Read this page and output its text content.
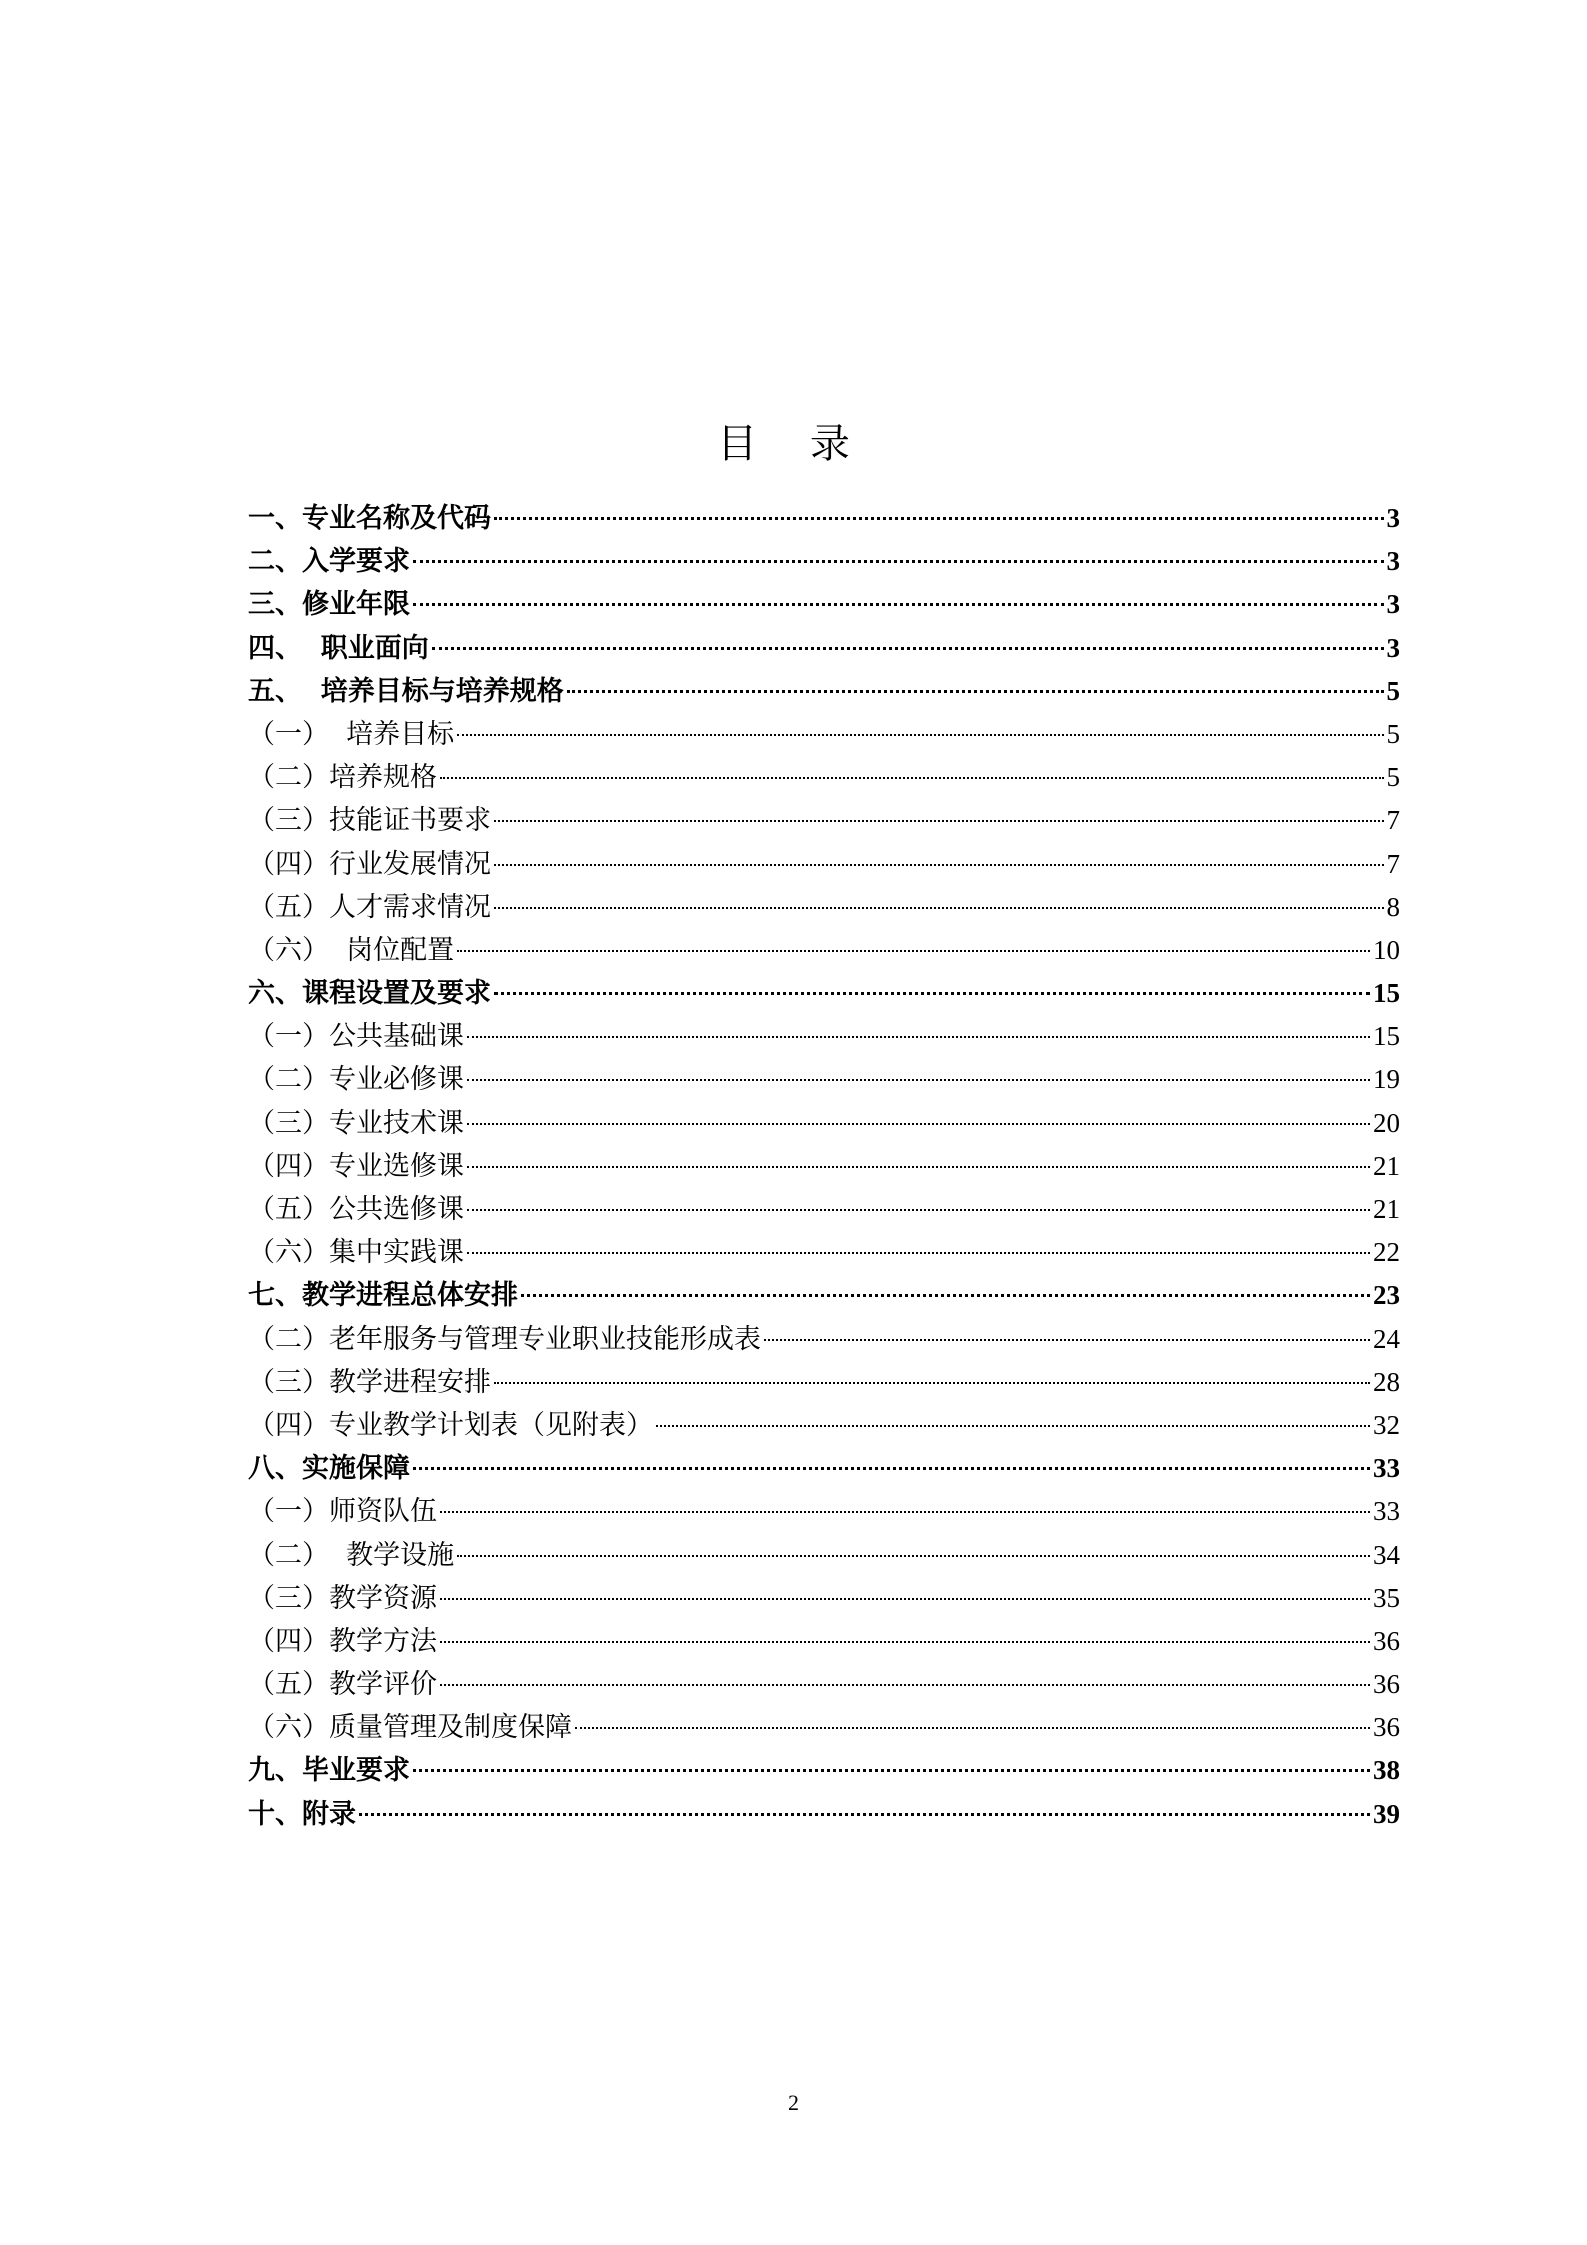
目 录
一、专业名称及代码	3
二、入学要求	3
三、修业年限	3
四、  职业面向	3
五、  培养目标与培养规格	5
（一）  培养目标	5
（二）培养规格	5
（三）技能证书要求	7
（四）行业发展情况	7
（五）人才需求情况	8
（六）  岗位配置	10
六、课程设置及要求	15
（一）公共基础课	15
（二）专业必修课	19
（三）专业技术课	20
（四）专业选修课	21
（五）公共选修课	21
（六）集中实践课	22
七、教学进程总体安排	23
（二）老年服务与管理专业职业技能形成表	24
（三）教学进程安排	28
（四）专业教学计划表（见附表）	32
八、实施保障	33
（一）师资队伍	33
（二）  教学设施	34
（三）教学资源	35
（四）教学方法	36
（五）教学评价	36
（六）质量管理及制度保障	36
九、毕业要求	38
十、附录	39
2
